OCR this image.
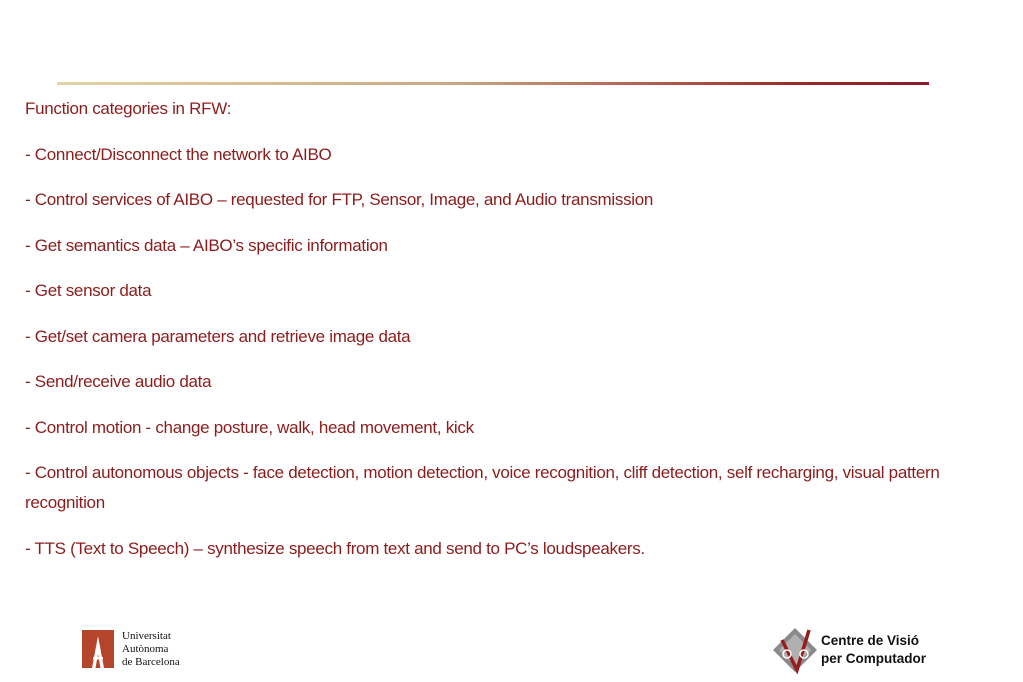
Function categories in RFW:

- Connect/Disconnect the network to AIBO

- Control services of AIBO – requested for FTP, Sensor, Image, and Audio transmission

- Get semantics data – AIBO’s specific information

- Get sensor data

- Get/set camera parameters and retrieve image data

- Send/receive audio data

- Control motion - change posture, walk, head movement, kick

- Control autonomous objects - face detection, motion detection, voice recognition, cliff detection, self recharging, visual pattern recognition

- TTS (Text to Speech) – synthesize speech from text and send to PC’s loudspeakers.

Universitat
Autònoma
de Barcelona
Centre de Visió
per Computador
